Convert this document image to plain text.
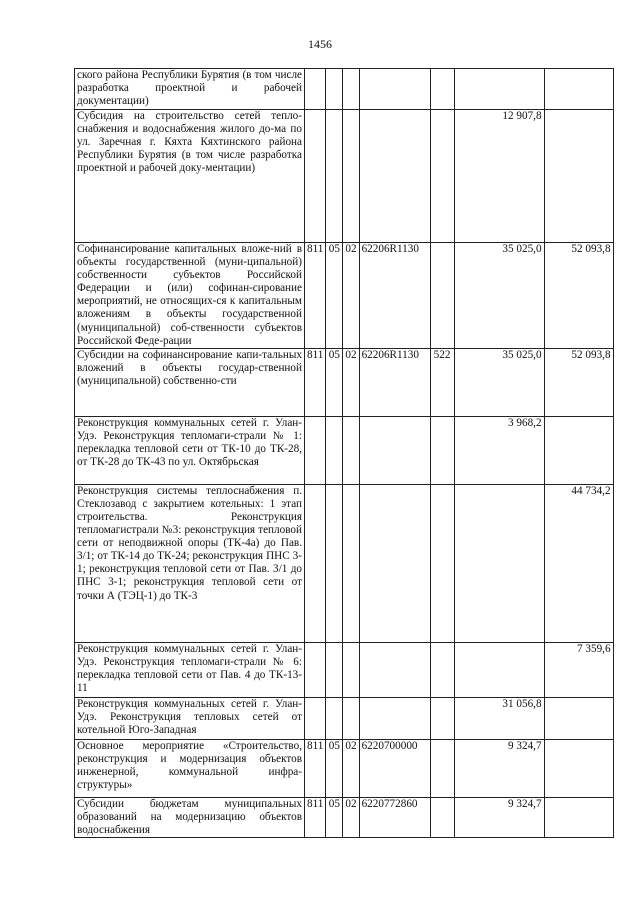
1456
ского района Республики Бурятия (в том числе разработка проектной и рабочей документации)							
Субсидия на строительство сетей тепло-снабжения и водоснабжения жилого до-ма по ул. Заречная г. Кяхта Кяхтинского района Республики Бурятия (в том числе разработка проектной и рабочей доку-ментации)						12 907,8	
Софинансирование капитальных вложе-ний в объекты государственной (муни-ципальной) собственности субъектов Российской Федерации и (или) софинан-сирование мероприятий, не относящих-ся к капитальным вложениям в объекты государственной (муниципальной) соб-ственности субъектов Российской Феде-рации	811	05	02	62206R1130		35 025,0	52 093,8
Субсидии на софинансирование капи-тальных вложений в объекты государ-ственной (муниципальной) собственно-сти	811	05	02	62206R1130	522	35 025,0	52 093,8
Реконструкция коммунальных сетей г. Улан-Удэ. Реконструкция тепломаги-страли № 1: перекладка тепловой сети от ТК-10 до ТК-28, от ТК-28 до ТК-43 по ул. Октябрьская						3 968,2	
Реконструкция системы теплоснабжения п. Стеклозавод с закрытием котельных: 1 этап строительства. Реконструкция тепломагистрали №3: реконструкция тепловой сети от неподвижной опоры (ТК-4а) до Пав. 3/1; от ТК-14 до ТК-24; реконструкция ПНС 3-1; реконструкция тепловой сети от Пав. 3/1 до ПНС 3-1; реконструкция тепловой сети от точки А (ТЭЦ-1) до ТК-3							44 734,2
Реконструкция коммунальных сетей г. Улан-Удэ. Реконструкция тепломаги-страли № 6: перекладка тепловой сети от Пав. 4 до ТК-13-11							7 359,6
Реконструкция коммунальных сетей г. Улан-Удэ. Реконструкция тепловых сетей от котельной Юго-Западная						31 056,8	
Основное мероприятие «Строительство, реконструкция и модернизация объектов инженерной, коммунальной инфра-структуры»	811	05	02	6220700000		9 324,7	
Субсидии бюджетам муниципальных образований на модернизацию объектов водоснабжения	811	05	02	6220772860		9 324,7	
